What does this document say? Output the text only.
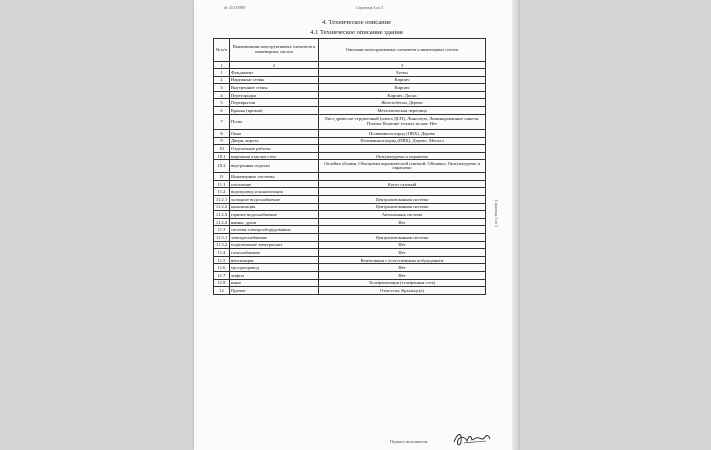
id: 45135980	Страница 4 из 5
4. Техническое описание
4.1 Техническое описание здания
№ п/п	Наименование конструктивных элементов и инженерных систем	Описание конструктивных элементов и инженерных систем
1	2	3
1	Фундамент	Бетон
2	Наружные стены	Кирпич
3	Внутренние стены	Кирпич
4	Перегородки	Кирпич, Доска
5	Перекрытия	Железобетон, Дерево
6	Крыша (кровля)	Металлическая черепица
7	Полы	Лист древесно-стружечный (плита ДСП), Линолеум, Ламинированные панели, Плитка Наличие теплых полов: Нет
8	Окна	Поливинилхлорид (ПВХ), Дерево
9	Двери, ворота	Поливинилхлорид (ПВХ), Дерево, Металл
10	Отделочные работы:	
10.1	наружная отделка стен	Оштукатурено и окрашено
10.2	внутренняя отделка	Оклейка обоями, Облицовка керамической плиткой, Обшивка, Оштукатурено и окрашено
11	Инженерные системы:	
11.1	отопление	Котел газовый
11.2	водопровод и канализация	
11.2.1	холодное водоснабжение	Централизованная система
11.2.2	канализация	Централизованная система
11.2.3	горячее водоснабжение	Автономная система
11.2.4	ванны, души	Нет
11.3	система электрооборудования:	
11.3.1	электроснабжение	Централизованная система
11.3.2	подключение электроплит	Нет
11.4	газоснабжение	Нет
11.5	вентиляция	Вентиляция с естественным побуждением
11.6	мусоропровод	Нет
11.7	лифты	Нет
11.8	иные	Телефонизация (телефонная сеть)
12	Прочие	Отмостка, Крыльцо(а)
Страница 5 из 5
Подпись исполнителя
